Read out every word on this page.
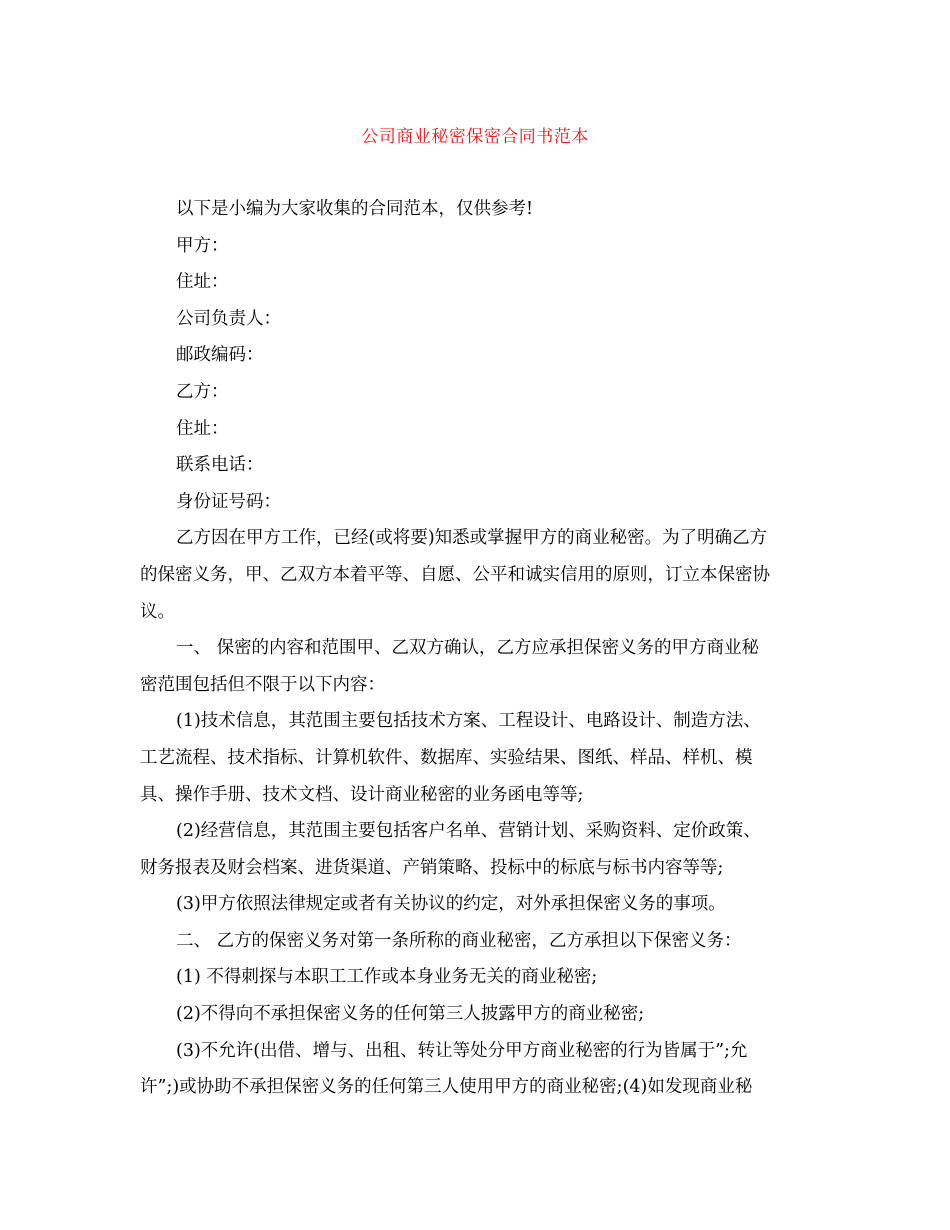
公司商业秘密保密合同书范本
以下是小编为大家收集的合同范本，仅供参考!
甲方：
住址：
公司负责人：
邮政编码：
乙方：
住址：
联系电话：
身份证号码：
乙方因在甲方工作，已经(或将要)知悉或掌握甲方的商业秘密。为了明确乙方
的保密义务，甲、乙双方本着平等、自愿、公平和诚实信用的原则，订立本保密协
议。
一、 保密的内容和范围甲、乙双方确认，乙方应承担保密义务的甲方商业秘
密范围包括但不限于以下内容：
(1)技术信息，其范围主要包括技术方案、工程设计、电路设计、制造方法、
工艺流程、技术指标、计算机软件、数据库、实验结果、图纸、样品、样机、模
具、操作手册、技术文档、设计商业秘密的业务函电等等;
(2)经营信息，其范围主要包括客户名单、营销计划、采购资料、定价政策、
财务报表及财会档案、进货渠道、产销策略、投标中的标底与标书内容等等;
(3)甲方依照法律规定或者有关协议的约定，对外承担保密义务的事项。
二、 乙方的保密义务对第一条所称的商业秘密，乙方承担以下保密义务：
(1) 不得刺探与本职工工作或本身业务无关的商业秘密;
(2)不得向不承担保密义务的任何第三人披露甲方的商业秘密;
(3)不允许(出借、增与、出租、转让等处分甲方商业秘密的行为皆属于”;允
许”;)或协助不承担保密义务的任何第三人使用甲方的商业秘密;(4)如发现商业秘
